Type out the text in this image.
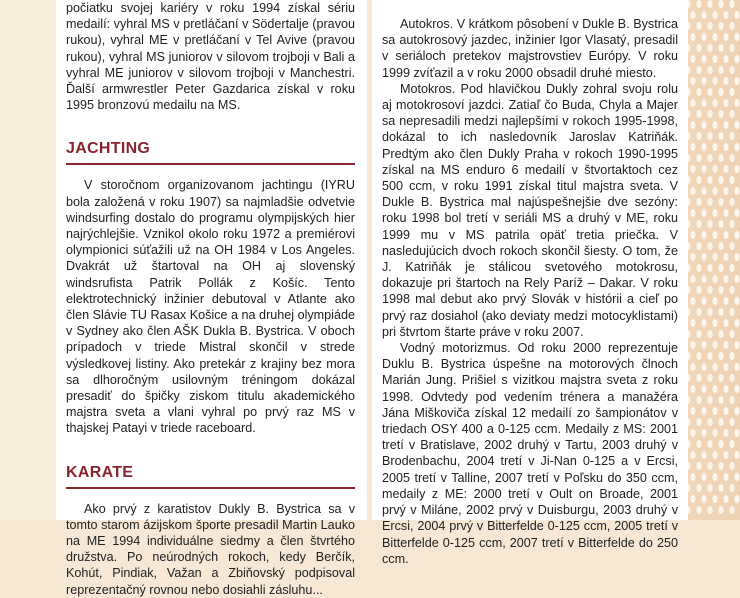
počiatku svojej kariéry v roku 1994 získal sériu medailí: vyhral MS v pretláčaní v Södertalje (pravou rukou), vyhral ME v pretláčaní v Tel Avive (pravou rukou), vyhral MS juniorov v silovom trojboji v Bali a vyhral ME juniorov v silovom trojboji v Manchestri. Ďalší armwrestler Peter Gazdarica získal v roku 1995 bronzovú medailu na MS.

JACHTING

V storočnom organizovanom jachtingu (IYRU bola založená v roku 1907) sa najmladšie odvetvie windsurfing dostalo do programu olympijských hier najrýchlejšie. Vznikol okolo roku 1972 a premiérovi olympionici súťažili už na OH 1984 v Los Angeles. Dvakrát už štartoval na OH aj slovenský windsrufista Patrik Pollák z Košíc. Tento elektrotechnický inžinier debutoval v Atlante ako člen Slávie TU Rasax Košice a na druhej olympiáde v Sydney ako člen AŠK Dukla B. Bystrica. V oboch prípadoch v triede Mistral skončil v strede výsledkovej listiny. Ako pretekár z krajiny bez mora sa dlhoročným usilovným tréningom dokázal presadiť do špičky ziskom titulu akademického majstra sveta a vlani vyhral po prvý raz MS v thajskej Patayi v triede raceboard.

KARATE

Ako prvý z karatistov Dukly B. Bystrica sa v tomto starom ázijskom športe presadil Martin Lauko na ME 1994 individuálne siedmy a člen štvrtého družstva. Po neúrodných rokoch, kedy Berčík, Kohút, Pindiak, Važan a Zbiňovský podpisoval reprezentačný rovnou nebo dosiahli zásluhu...

Autokros. V krátkom pôsobení v Dukle B. Bystrica sa autokrosový jazdec, inžinier Igor Vlasatý, presadil v seriáloch pretekov majstrovstiev Európy. V roku 1999 zvíťazil a v roku 2000 obsadil druhé miesto.

Motokros. Pod hlavičkou Dukly zohral svoju rolu aj motokrosoví jazdci. Zatiaľ čo Buda, Chyla a Majer sa nepresadili medzi najlepšími v rokoch 1995-1998, dokázal to ich nasledovník Jaroslav Katriňák. Predtým ako člen Dukly Praha v rokoch 1990-1995 získal na MS enduro 6 medailí v štvortaktoch cez 500 ccm, v roku 1991 získal titul majstra sveta. V Dukle B. Bystrica mal najúspešnejšie dve sezóny: roku 1998 bol tretí v seriáli MS a druhý v ME, roku 1999 mu v MS patrila opäť tretia priečka. V nasledujúcich dvoch rokoch skončil šiesty. O tom, že J. Katriňák je stálicou svetového motokrosu, dokazuje pri štartoch na Rely Paríž – Dakar. V roku 1998 mal debut ako prvý Slovák v histórii a cieľ po prvý raz dosiahol (ako deviaty medzi motocyklistami) pri štvrtom štarte práve v roku 2007.

Vodný motorizmus. Od roku 2000 reprezentuje Duklu B. Bystrica úspešne na motorových člnoch Marián Jung. Prišiel s vizitkou majstra sveta z roku 1998. Odvtedy pod vedením trénera a manažéra Jána Miškoviča získal 12 medailí zo šampionátov v triedach OSY 400 a 0-125 ccm. Medaily z MS: 2001 tretí v Bratislave, 2002 druhý v Tartu, 2003 druhý v Brodenbachu, 2004 tretí v Ji-Nan 0-125 a v Ercsi, 2005 tretí v Talline, 2007 tretí v Poľsku do 350 ccm, medaily z ME: 2000 tretí v Oult on Broade, 2001 prvý v Miláne, 2002 prvý v Duisburgu, 2003 druhý v Ercsi, 2004 prvý v Bitterfelde 0-125 ccm, 2005 tretí v Bitterfelde 0-125 ccm, 2007 tretí v Bitterfelde do 250 ccm.
